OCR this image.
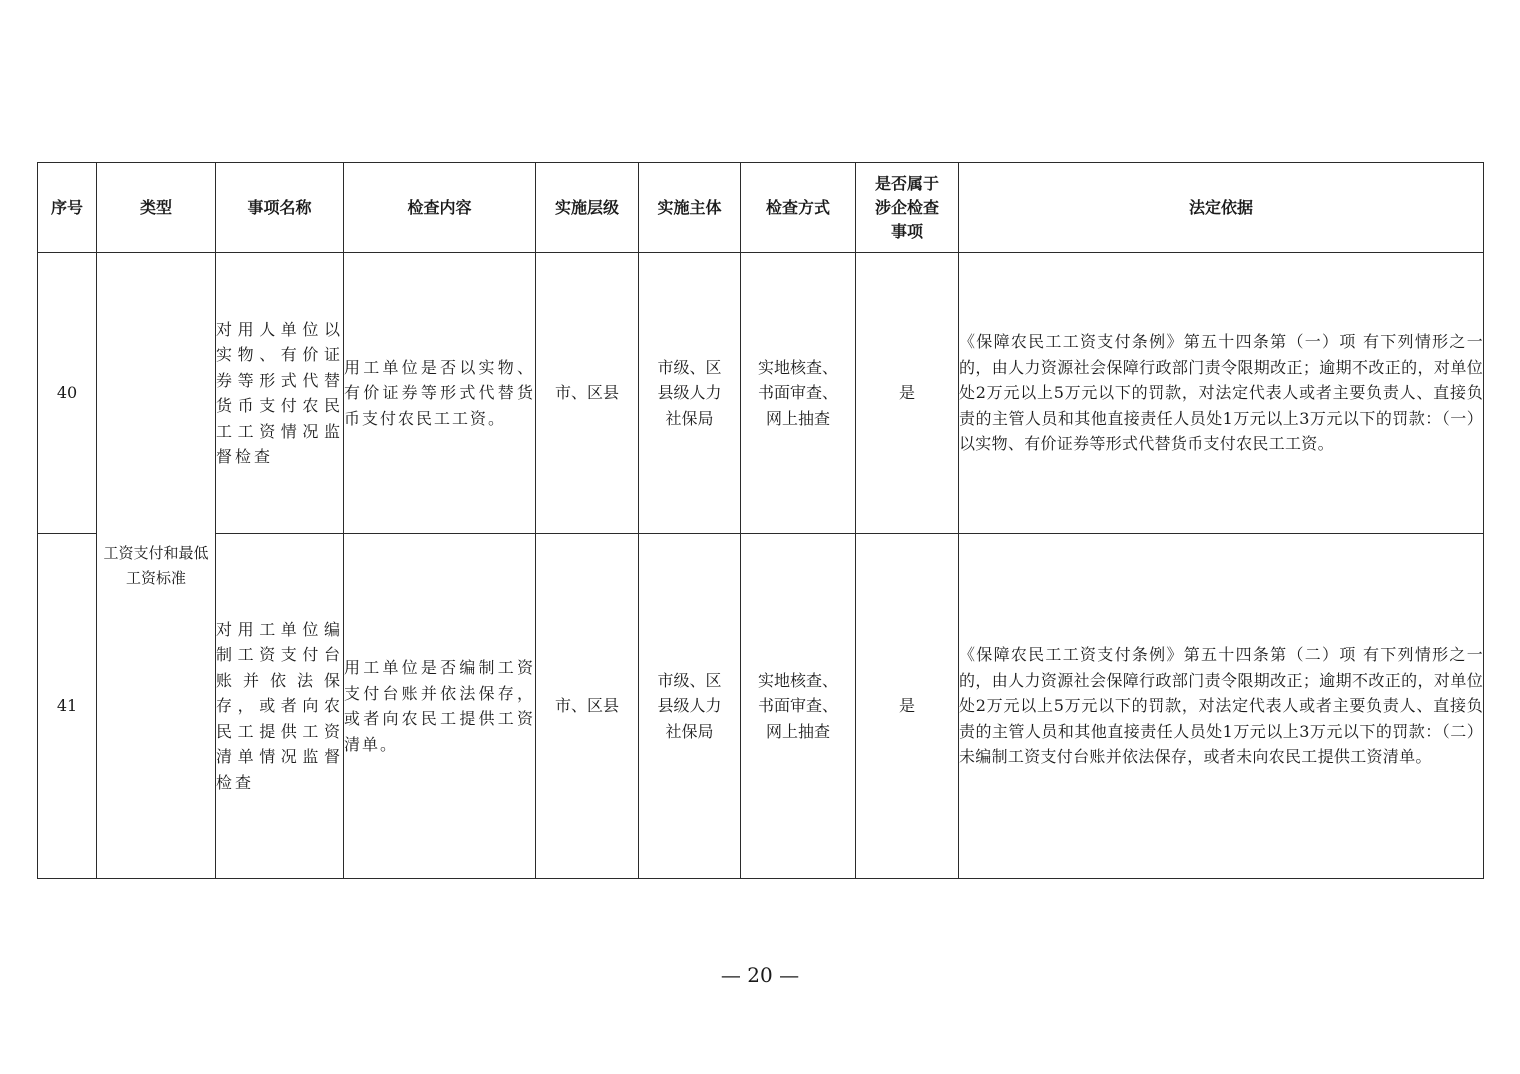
序号	类型	事项名称	检查内容	实施层级	实施主体	检查方式	是否属于涉企检查事项	法定依据
40	工资支付和最低工资标准	对用人单位以实物、有价证券等形式代替货币支付农民工工资情况监督检查	用工单位是否以实物、有价证券等形式代替货币支付农民工工资。	市、区县	市级、区县级人力社保局	实地核查、书面审查、网上抽查	是	《保障农民工工资支付条例》第五十四条第（一）项 有下列情形之一的，由人力资源社会保障行政部门责令限期改正；逾期不改正的，对单位处2万元以上5万元以下的罚款，对法定代表人或者主要负责人、直接负责的主管人员和其他直接责任人员处1万元以上3万元以下的罚款：（一）以实物、有价证券等形式代替货币支付农民工工资。
41		对用工单位编制工资支付台账并依法保存，或者向农民工提供工资清单情况监督检查	用工单位是否编制工资支付台账并依法保存，或者向农民工提供工资清单。	市、区县	市级、区县级人力社保局	实地核查、书面审查、网上抽查	是	《保障农民工工资支付条例》第五十四条第（二）项 有下列情形之一的，由人力资源社会保障行政部门责令限期改正；逾期不改正的，对单位处2万元以上5万元以下的罚款，对法定代表人或者主要负责人、直接负责的主管人员和其他直接责任人员处1万元以上3万元以下的罚款：（二）未编制工资支付台账并依法保存，或者未向农民工提供工资清单。
— 20 —
